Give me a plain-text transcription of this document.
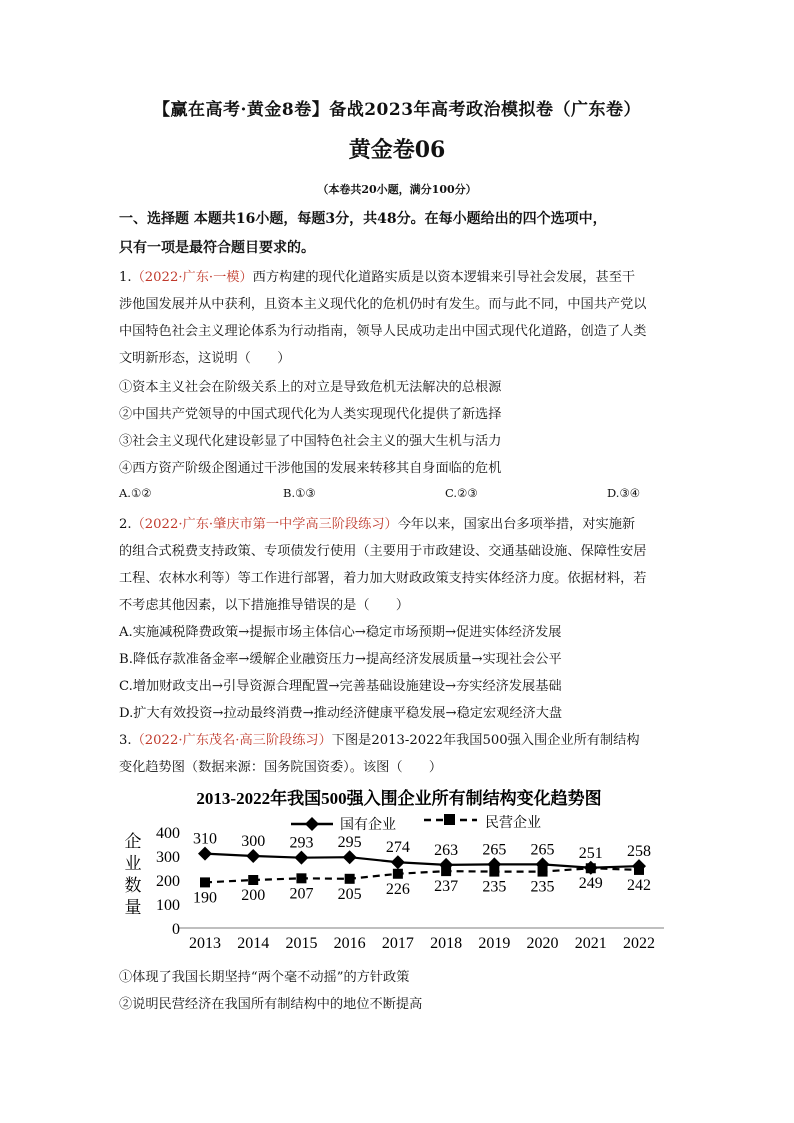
【赢在高考·黄金8卷】备战2023年高考政治模拟卷（广东卷）
黄金卷06
（本卷共20小题，满分100分）
一、选择题 本题共16小题，每题3分，共48分。在每小题给出的四个选项中，
只有一项是最符合题目要求的。
1.（2022·广东·一模）西方构建的现代化道路实质是以资本逻辑来引导社会发展，甚至干
涉他国发展并从中获利，且资本主义现代化的危机仍时有发生。而与此不同，中国共产党以
中国特色社会主义理论体系为行动指南，领导人民成功走出中国式现代化道路，创造了人类
文明新形态，这说明（　　）
①资本主义社会在阶级关系上的对立是导致危机无法解决的总根源
②中国共产党领导的中国式现代化为人类实现现代化提供了新选择
③社会主义现代化建设彰显了中国特色社会主义的强大生机与活力
④西方资产阶级企图通过干涉他国的发展来转移其自身面临的危机
A.①②	B.①③	C.②③	D.③④
2.（2022·广东·肇庆市第一中学高三阶段练习）今年以来，国家出台多项举措，对实施新
的组合式税费支持政策、专项债发行使用（主要用于市政建设、交通基础设施、保障性安居
工程、农林水利等）等工作进行部署，着力加大财政政策支持实体经济力度。依据材料，若
不考虑其他因素，以下措施推导错误的是（　　）
A.实施减税降费政策→提振市场主体信心→稳定市场预期→促进实体经济发展
B.降低存款准备金率→缓解企业融资压力→提高经济发展质量→实现社会公平
C.增加财政支出→引导资源合理配置→完善基础设施建设→夯实经济发展基础
D.扩大有效投资→拉动最终消费→推动经济健康平稳发展→稳定宏观经济大盘
3.（2022·广东茂名·高三阶段练习）下图是2013-2022年我国500强入围企业所有制结构
变化趋势图（数据来源：国务院国资委）。该图（　　）
2013-2022年我国500强入围企业所有制结构变化趋势图
国有企业	民营企业
企
业
数
量
0
100
200
300
400
2013 2014 2015 2016 2017 2018 2019 2020 2021 2022
310 300 293 295 274 263 265 265 251 258
190 200 207 205 226 237 235 235 249 242
①体现了我国长期坚持“两个毫不动摇”的方针政策
②说明民营经济在我国所有制结构中的地位不断提高
